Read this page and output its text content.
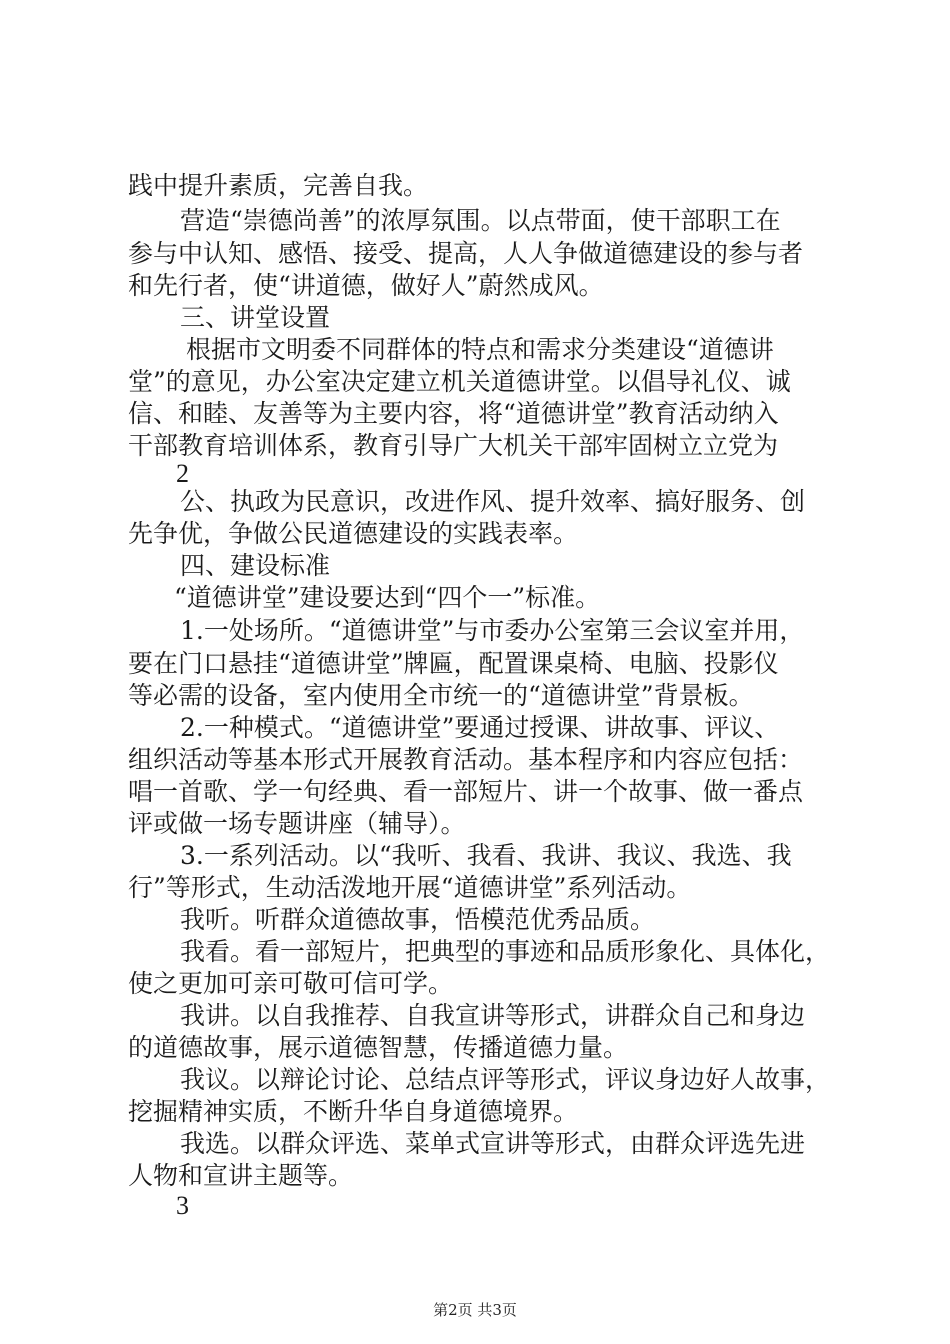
践中提升素质，完善自我。

营造“崇德尚善”的浓厚氛围。以点带面，使干部职工在

参与中认知、感悟、接受、提高，人人争做道德建设的参与者

和先行者，使“讲道德，做好人”蔚然成风。

三、讲堂设置

根据市文明委不同群体的特点和需求分类建设“道德讲

堂”的意见，办公室决定建立机关道德讲堂。以倡导礼仪、诚

信、和睦、友善等为主要内容，将“道德讲堂”教育活动纳入

干部教育培训体系，教育引导广大机关干部牢固树立立党为

2

公、执政为民意识，改进作风、提升效率、搞好服务、创

先争优，争做公民道德建设的实践表率。

四、建设标准

“道德讲堂”建设要达到“四个一”标准。

1.一处场所。“道德讲堂”与市委办公室第三会议室并用，

要在门口悬挂“道德讲堂”牌匾，配置课桌椅、电脑、投影仪

等必需的设备，室内使用全市统一的“道德讲堂”背景板。

2.一种模式。“道德讲堂”要通过授课、讲故事、评议、

组织活动等基本形式开展教育活动。基本程序和内容应包括：

唱一首歌、学一句经典、看一部短片、讲一个故事、做一番点

评或做一场专题讲座（辅导）。

3.一系列活动。以“我听、我看、我讲、我议、我选、我

行”等形式，生动活泼地开展“道德讲堂”系列活动。

我听。听群众道德故事，悟模范优秀品质。

我看。看一部短片，把典型的事迹和品质形象化、具体化，

使之更加可亲可敬可信可学。

我讲。以自我推荐、自我宣讲等形式，讲群众自己和身边

的道德故事，展示道德智慧，传播道德力量。

我议。以辩论讨论、总结点评等形式，评议身边好人故事，

挖掘精神实质，不断升华自身道德境界。

我选。以群众评选、菜单式宣讲等形式，由群众评选先进

人物和宣讲主题等。

3
第2页 共3页
